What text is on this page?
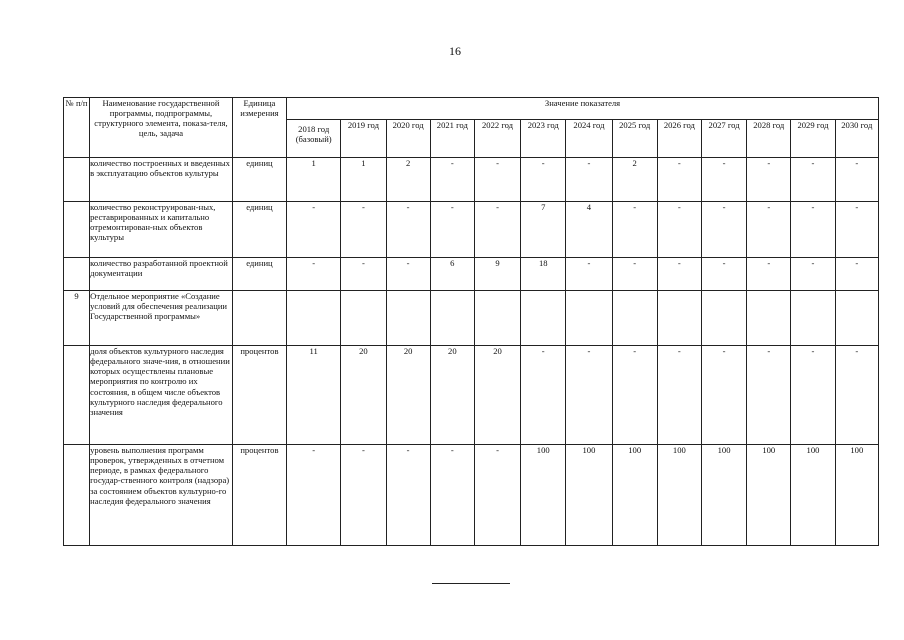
16
№ п/п	Наименование государственной программы, подпрограммы, структурного элемента, показа-теля, цель, задача	Единица измерения	Значение показателя												
			2018 год (базовый)	2019 год	2020 год	2021 год	2022 год	2023 год	2024 год	2025 год	2026 год	2027 год	2028 год	2029 год	2030 год
	количество построенных и введенных в эксплуатацию объектов культуры	единиц	1	1	2	-	-	-	-	2	-	-	-	-	-
	количество реконструирован-ных, реставрированных и капитально отремонтирован-ных объектов культуры	единиц	-	-	-	-	-	7	4	-	-	-	-	-	-
	количество разработанной проектной документации	единиц	-	-	-	6	9	18	-	-	-	-	-	-	-
9	Отдельное мероприятие «Создание условий для обеспечения реализации Государственной программы»														
	доля объектов культурного наследия федерального значе-ния, в отношении которых осуществлены плановые мероприятия по контролю их состояния, в общем числе объектов культурного наследия федерального значения	процентов	11	20	20	20	20	-	-	-	-	-	-	-	-
	уровень выполнения программ проверок, утвержденных в отчетном периоде, в рамках федерального государ-ственного контроля (надзора) за состоянием объектов культурно-го наследия федерального значения	процентов	-	-	-	-	-	100	100	100	100	100	100	100	100
